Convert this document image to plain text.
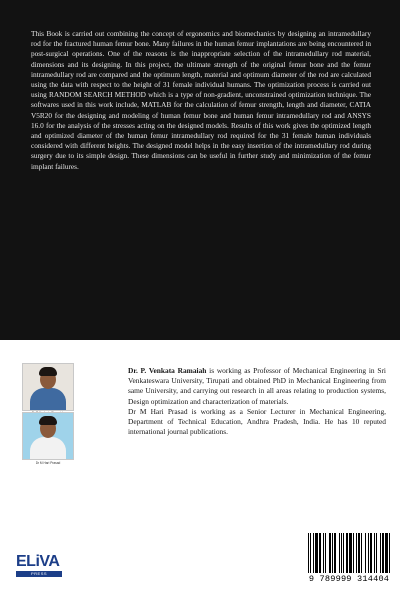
This Book is carried out combining the concept of ergonomics and biomechanics by designing an intramedullary rod for the fractured human femur bone. Many failures in the human femur implantations are being encountered in post-surgical operations. One of the reasons is the inappropriate selection of the intramedullary rod material, dimensions and its designing. In this project, the ultimate strength of the original femur bone and the femur intramedullary rod are compared and the optimum length, material and optimum diameter of the rod are calculated using the data with respect to the height of 31 female individual humans. The optimization process is carried out using RANDOM SEARCH METHOD which is a type of non-gradient, unconstrained optimization technique. The softwares used in this work include, MATLAB for the calculation of femur strength, length and diameter, CATIA V5R20 for the designing and modeling of human femur bone and human femur intramedullary rod and ANSYS 16.0 for the analysis of the stresses acting on the designed models. Results of this work gives the optimized length and optimized diameter of the human femur intramedullary rod required for the 31 female human individuals considered with different heights. The designed model helps in the easy insertion of the intramedullary rod during surgery due to its simple design. These dimensions can be useful in further study and minimization of the femur implant failures.

Dr M Hari Prasad

Dr. P. Venkata Ramaiah is working as Professor of Mechanical Engineering in Sri Venkateswara University, Tirupati and obtained PhD in Mechanical Engineering from same University, and carrying out research in all areas relating to production systems, Design optimization and characterization of materials.
Dr M Hari Prasad is working as a Senior Lecturer in Mechanical Engineering, Department of Technical Education, Andhra Pradesh, India. He has 10 reputed international journal publications.

ELiVA
PRESS
9 789999 314404
